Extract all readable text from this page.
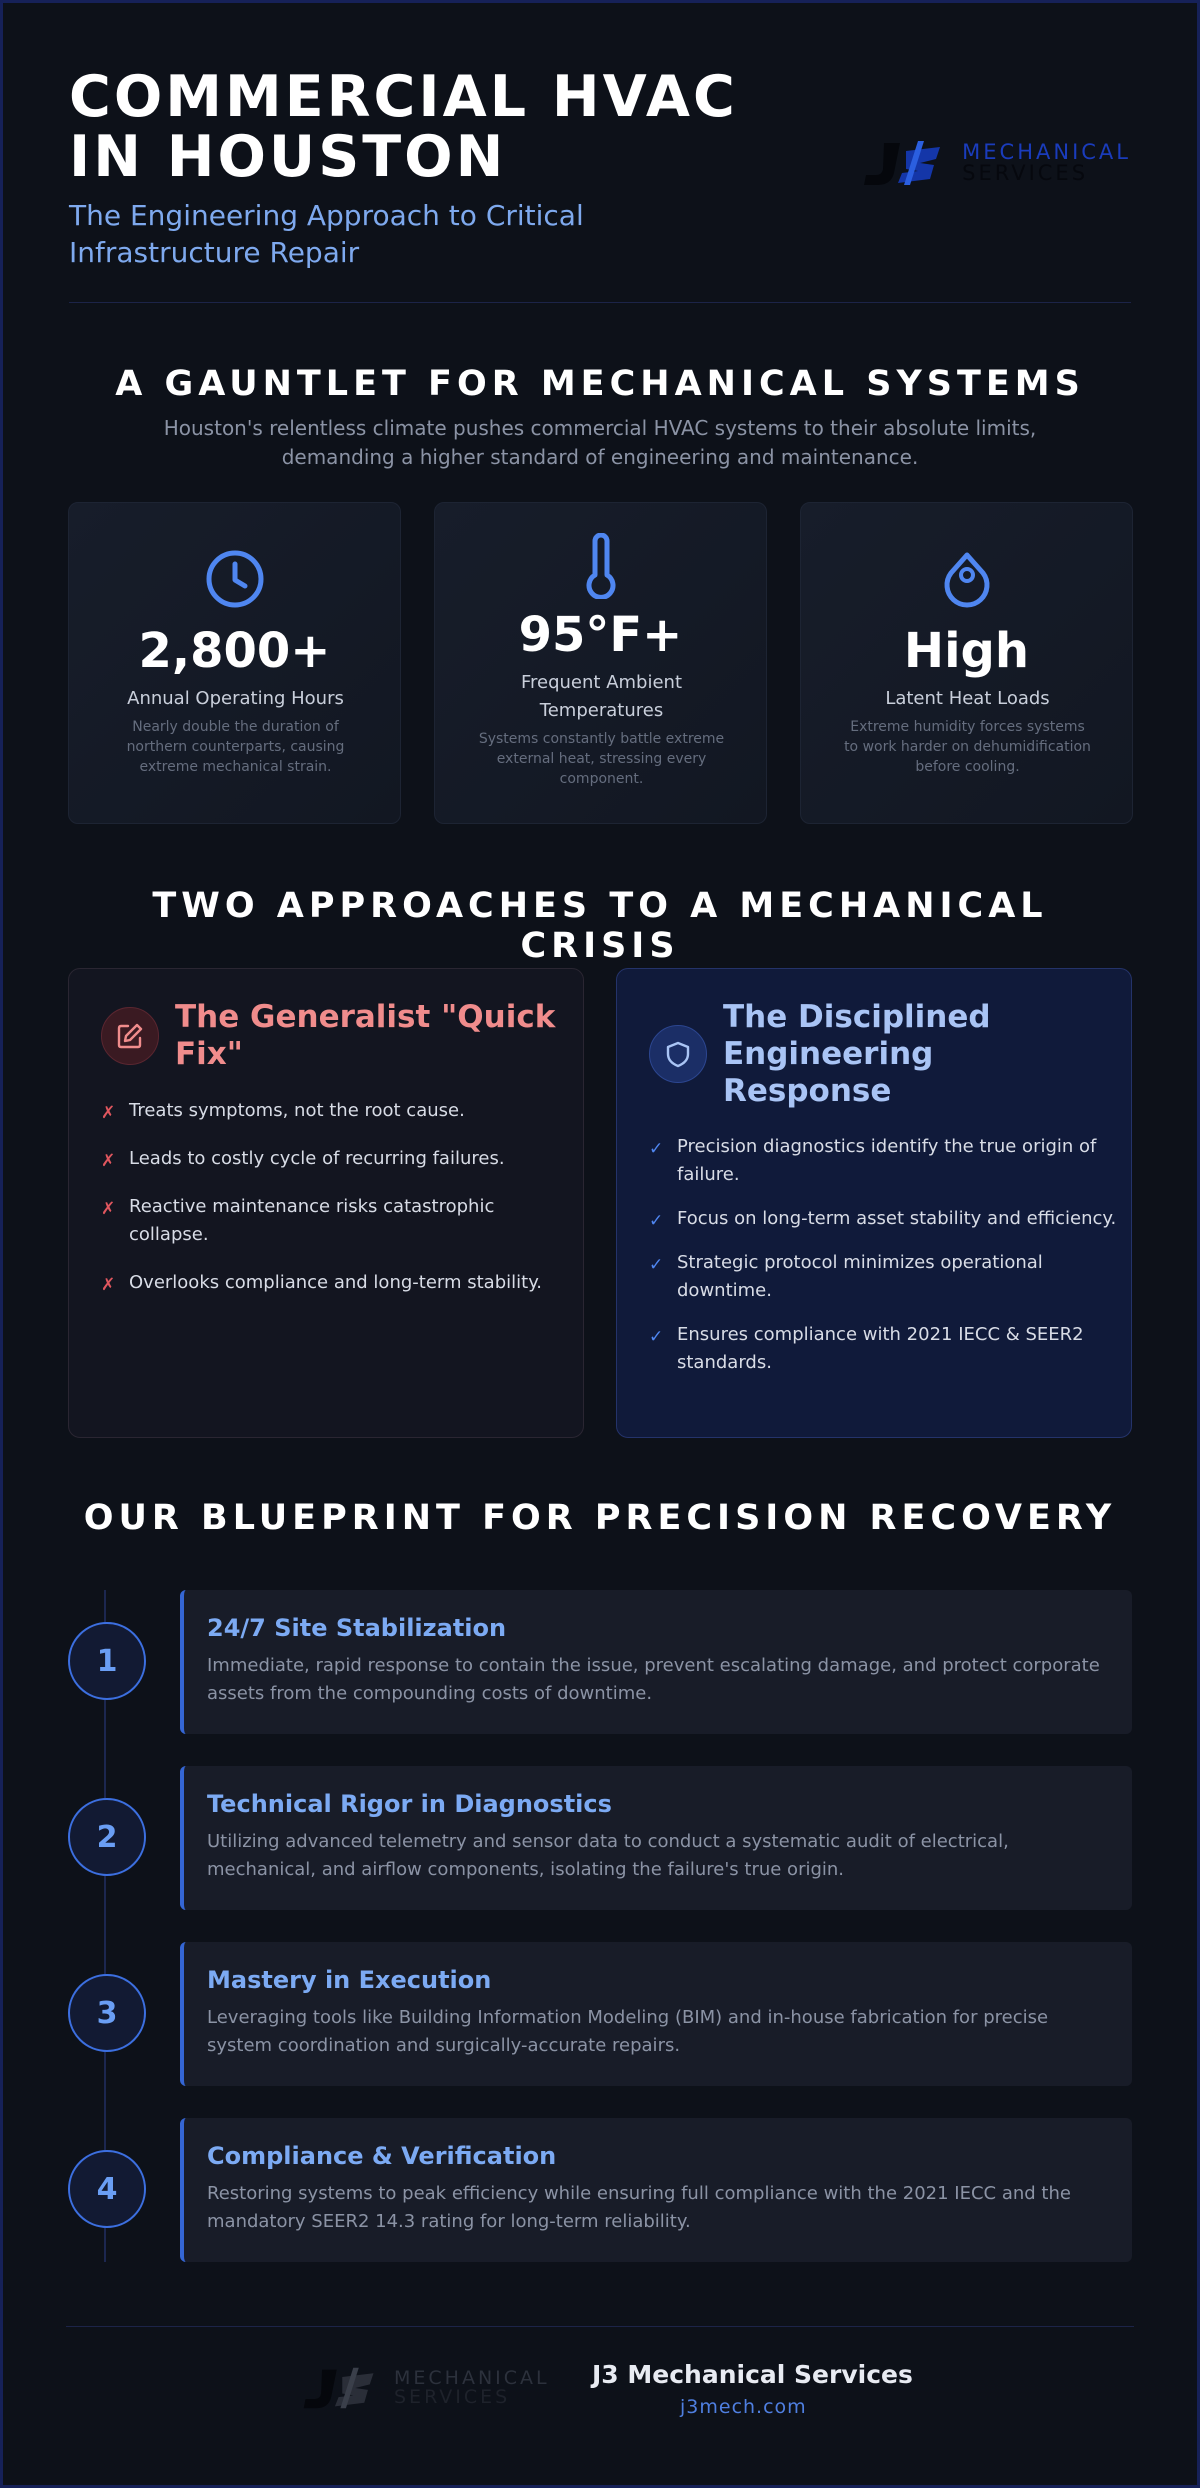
COMMERCIAL HVAC
IN HOUSTON
The Engineering Approach to Critical Infrastructure Repair
MECHANICAL
SERVICES
A GAUNTLET FOR MECHANICAL SYSTEMS
Houston's relentless climate pushes commercial HVAC systems to their absolute limits, demanding a higher standard of engineering and maintenance.
2,800+
Annual Operating Hours
Nearly double the duration of northern counterparts, causing extreme mechanical strain.
95°F+
Frequent Ambient Temperatures
Systems constantly battle extreme external heat, stressing every component.
High
Latent Heat Loads
Extreme humidity forces systems to work harder on dehumidification before cooling.
TWO APPROACHES TO A MECHANICAL CRISIS
The Generalist "Quick Fix"
✗ Treats symptoms, not the root cause.
✗ Leads to costly cycle of recurring failures.
✗ Reactive maintenance risks catastrophic collapse.
✗ Overlooks compliance and long-term stability.
The Disciplined Engineering Response
✓ Precision diagnostics identify the true origin of failure.
✓ Focus on long-term asset stability and efficiency.
✓ Strategic protocol minimizes operational downtime.
✓ Ensures compliance with 2021 IECC & SEER2 standards.
OUR BLUEPRINT FOR PRECISION RECOVERY
1
24/7 Site Stabilization
Immediate, rapid response to contain the issue, prevent escalating damage, and protect corporate assets from the compounding costs of downtime.
2
Technical Rigor in Diagnostics
Utilizing advanced telemetry and sensor data to conduct a systematic audit of electrical, mechanical, and airflow components, isolating the failure's true origin.
3
Mastery in Execution
Leveraging tools like Building Information Modeling (BIM) and in-house fabrication for precise system coordination and surgically-accurate repairs.
4
Compliance & Verification
Restoring systems to peak efficiency while ensuring full compliance with the 2021 IECC and the mandatory SEER2 14.3 rating for long-term reliability.
MECHANICAL
SERVICES
J3 Mechanical Services
j3mech.com
